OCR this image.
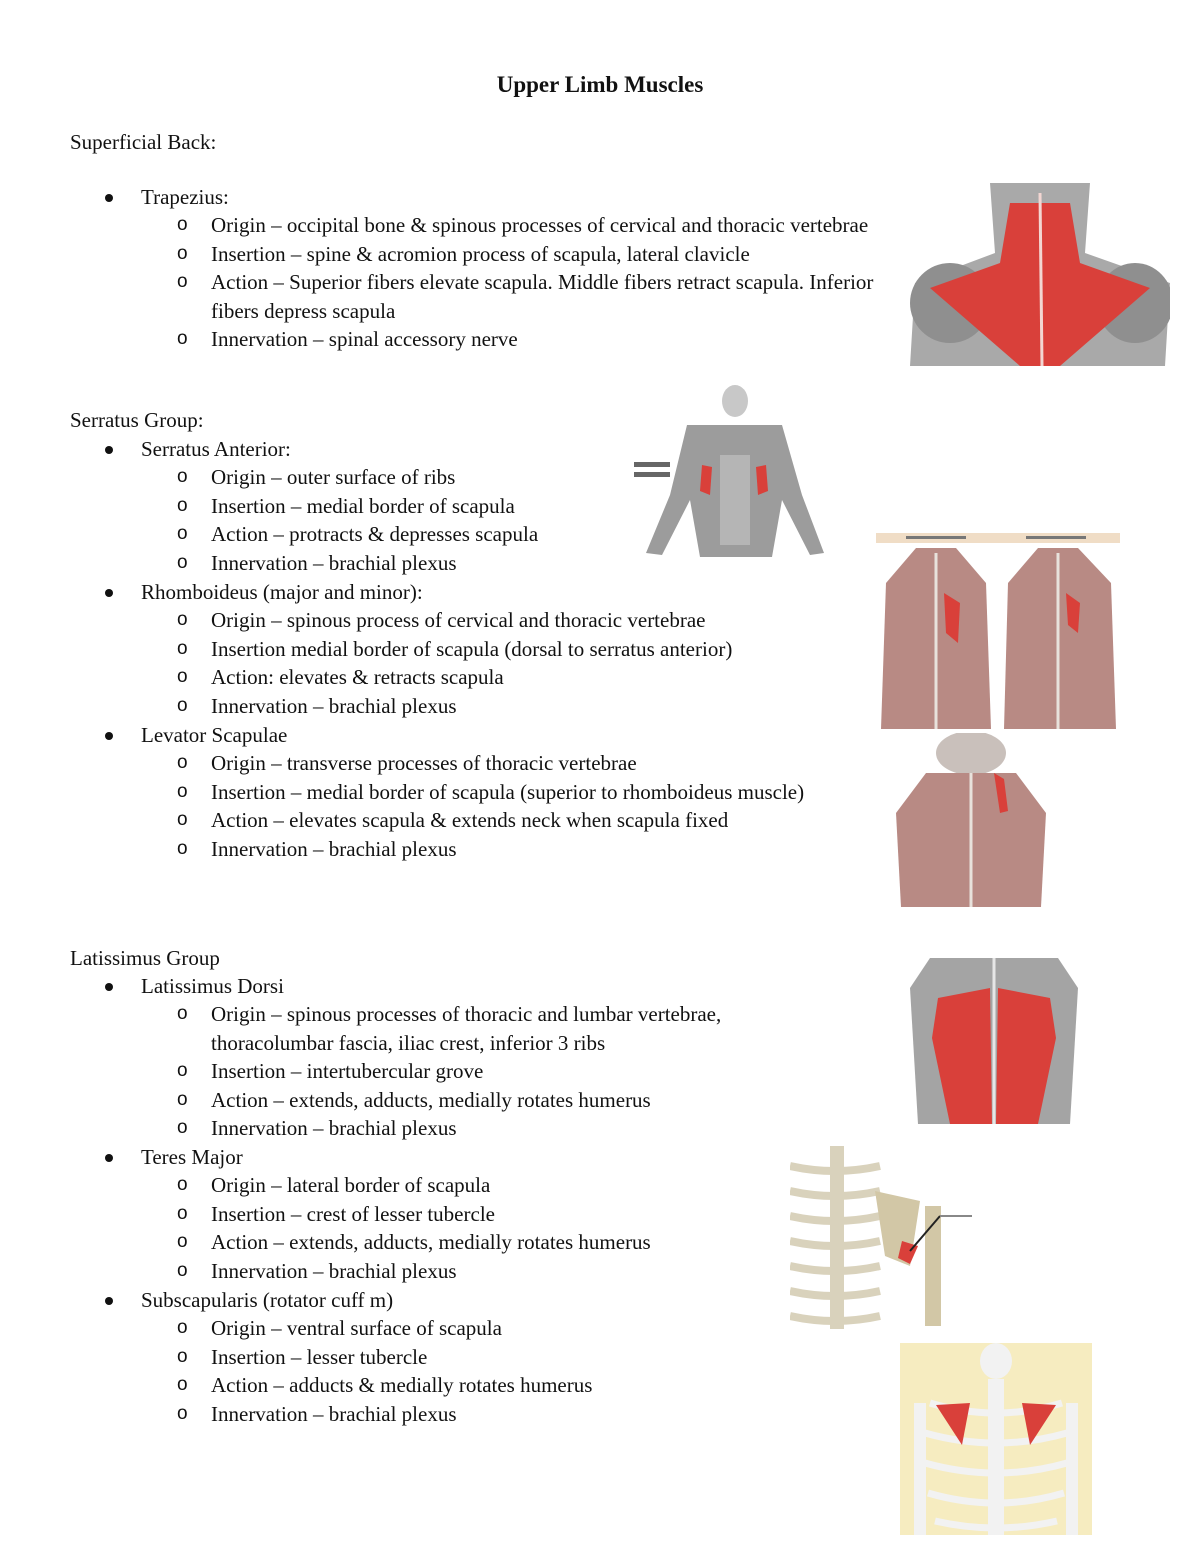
Upper Limb Muscles
Superficial Back:
Trapezius:
o Origin – occipital bone & spinous processes of cervical and thoracic vertebrae
o Insertion – spine & acromion process of scapula, lateral clavicle
o Action – Superior fibers elevate scapula. Middle fibers retract scapula. Inferior fibers depress scapula
o Innervation – spinal accessory nerve
Serratus Group:
Serratus Anterior:
o Origin – outer surface of ribs
o Insertion – medial border of scapula
o Action – protracts & depresses scapula
o Innervation – brachial plexus
Rhomboideus (major and minor):
o Origin – spinous process of cervical and thoracic vertebrae
o Insertion medial border of scapula (dorsal to serratus anterior)
o Action: elevates & retracts scapula
o Innervation – brachial plexus
Levator Scapulae
o Origin – transverse processes of thoracic vertebrae
o Insertion – medial border of scapula (superior to rhomboideus muscle)
o Action – elevates scapula & extends neck when scapula fixed
o Innervation – brachial plexus
Latissimus Group
Latissimus Dorsi
o Origin – spinous processes of thoracic and lumbar vertebrae, thoracolumbar fascia, iliac crest, inferior 3 ribs
o Insertion – intertubercular grove
o Action – extends, adducts, medially rotates humerus
o Innervation – brachial plexus
Teres Major
o Origin – lateral border of scapula
o Insertion – crest of lesser tubercle
o Action – extends, adducts, medially rotates humerus
o Innervation – brachial plexus
Subscapularis (rotator cuff m)
o Origin – ventral surface of scapula
o Insertion – lesser tubercle
o Action – adducts & medially rotates humerus
o Innervation – brachial plexus
